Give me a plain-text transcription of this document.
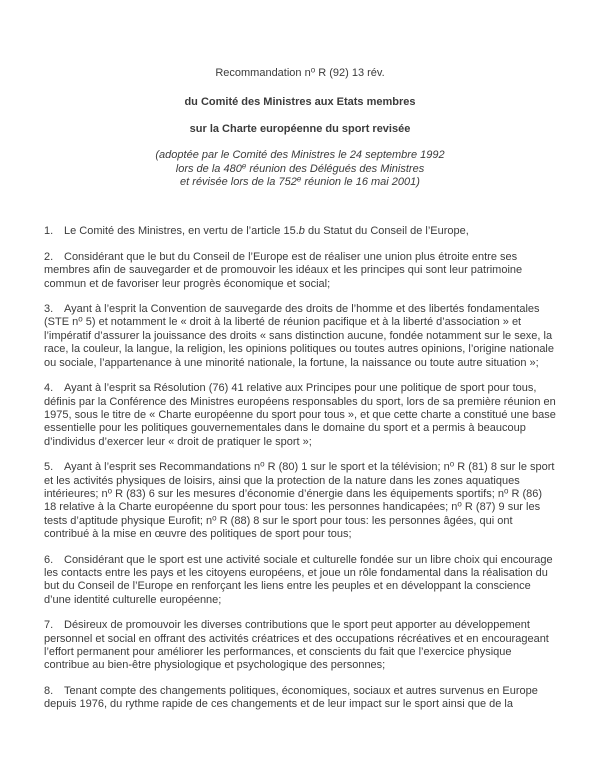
Recommandation $n^o$ R (92) 13 rév.
du Comité des Ministres aux Etats membres
sur la Charte européenne du sport revisée
(adoptée par le Comité des Ministres le 24 septembre 1992
lors de la 480e réunion des Délégués des Ministres
et révisée lors de la 752e réunion le 16 mai 2001)

1. Le Comité des Ministres, en vertu de l’article 15.b du Statut du Conseil de l’Europe,

2. Considérant que le but du Conseil de l’Europe est de réaliser une union plus étroite entre ses membres afin de sauvegarder et de promouvoir les idéaux et les principes qui sont leur patrimoine commun et de favoriser leur progrès économique et social;

3. Ayant à l’esprit la Convention de sauvegarde des droits de l’homme et des libertés fondamentales (STE $n^o$ 5) et notamment le « droit à la liberté de réunion pacifique et à la liberté d’association » et l’impératif d’assurer la jouissance des droits « sans distinction aucune, fondée notamment sur le sexe, la race, la couleur, la langue, la religion, les opinions politiques ou toutes autres opinions, l’origine nationale ou sociale, l’appartenance à une minorité nationale, la fortune, la naissance ou toute autre situation »;

4. Ayant à l’esprit sa Résolution (76) 41 relative aux Principes pour une politique de sport pour tous, définis par la Conférence des Ministres européens responsables du sport, lors de sa première réunion en 1975, sous le titre de « Charte européenne du sport pour tous », et que cette charte a constitué une base essentielle pour les politiques gouvernementales dans le domaine du sport et a permis à beaucoup d’individus d’exercer leur « droit de pratiquer le sport »;

5. Ayant à l’esprit ses Recommandations $n^o$ R (80) 1 sur le sport et la télévision; $n^o$ R (81) 8 sur le sport et les activités physiques de loisirs, ainsi que la protection de la nature dans les zones aquatiques intérieures; $n^o$ R (83) 6 sur les mesures d’économie d’énergie dans les équipements sportifs; $n^o$ R (86) 18 relative à la Charte européenne du sport pour tous: les personnes handicapées; $n^o$ R (87) 9 sur les tests d’aptitude physique Eurofit; $n^o$ R (88) 8 sur le sport pour tous: les personnes âgées, qui ont contribué à la mise en œuvre des politiques de sport pour tous;

6. Considérant que le sport est une activité sociale et culturelle fondée sur un libre choix qui encourage les contacts entre les pays et les citoyens européens, et joue un rôle fondamental dans la réalisation du but du Conseil de l’Europe en renforçant les liens entre les peuples et en développant la conscience d’une identité culturelle européenne;

7. Désireux de promouvoir les diverses contributions que le sport peut apporter au développement personnel et social en offrant des activités créatrices et des occupations récréatives et en encourageant l’effort permanent pour améliorer les performances, et conscients du fait que l’exercice physique contribue au bien-être physiologique et psychologique des personnes;

8. Tenant compte des changements politiques, économiques, sociaux et autres survenus en Europe depuis 1976, du rythme rapide de ces changements et de leur impact sur le sport ainsi que de la
